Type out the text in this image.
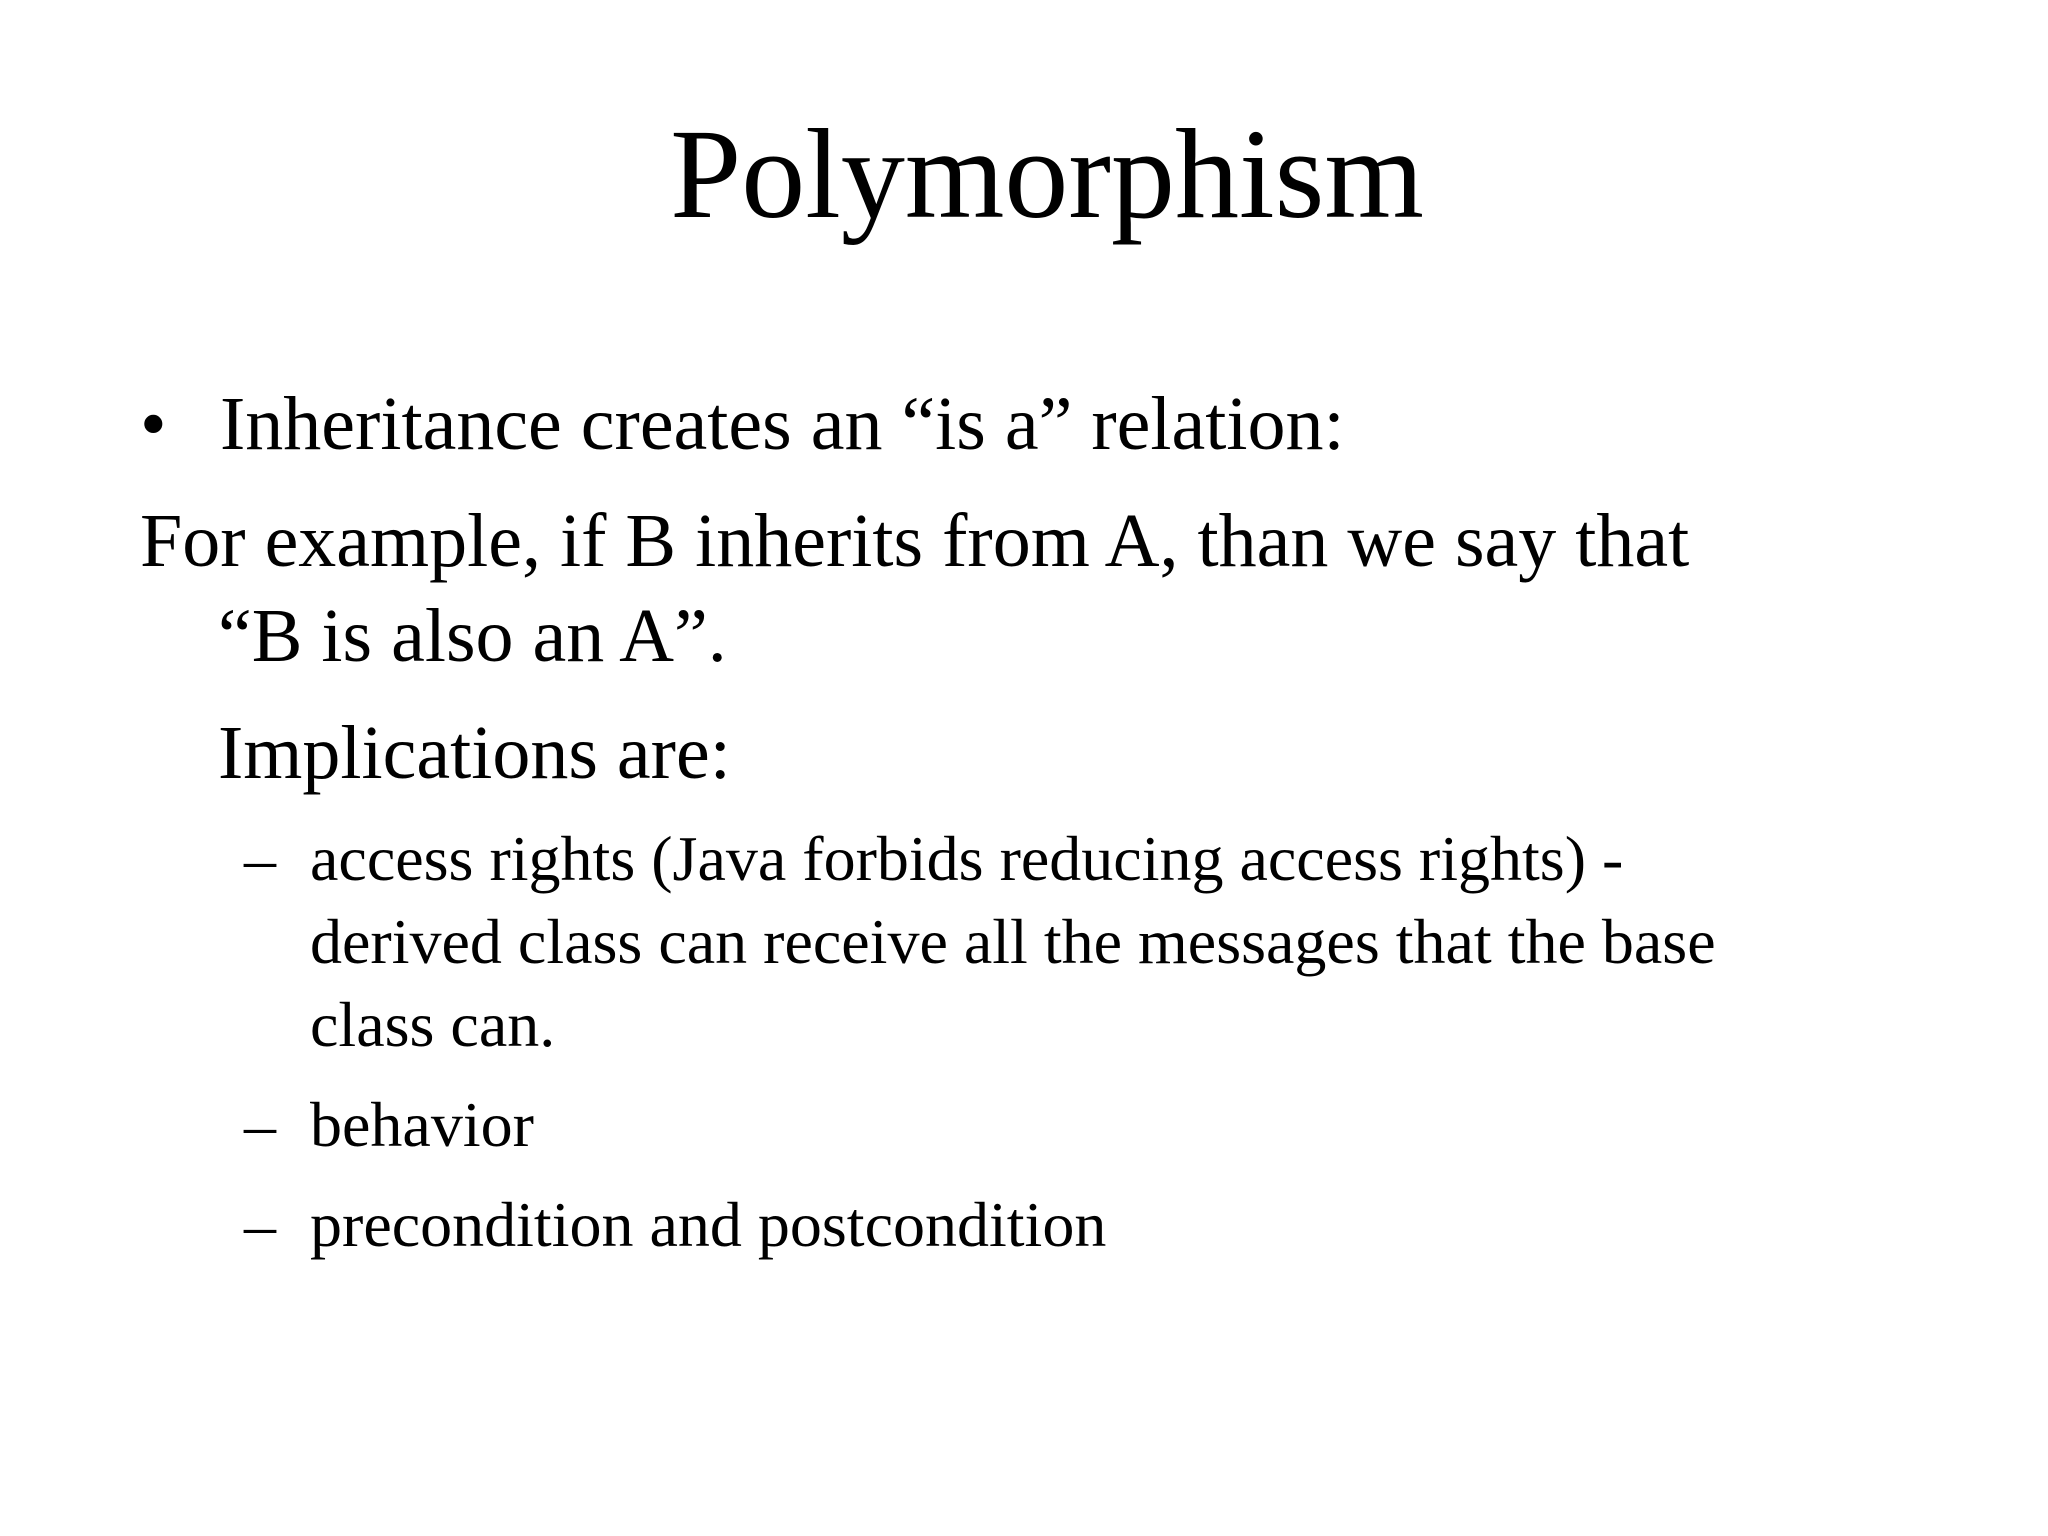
Polymorphism
• Inheritance creates an “is a” relation:
For example, if B inherits from A, than we say that
“B is also an A”.
Implications are:
– access rights (Java forbids reducing access rights) -
derived class can receive all the messages that the base
class can.
– behavior
– precondition and postcondition
